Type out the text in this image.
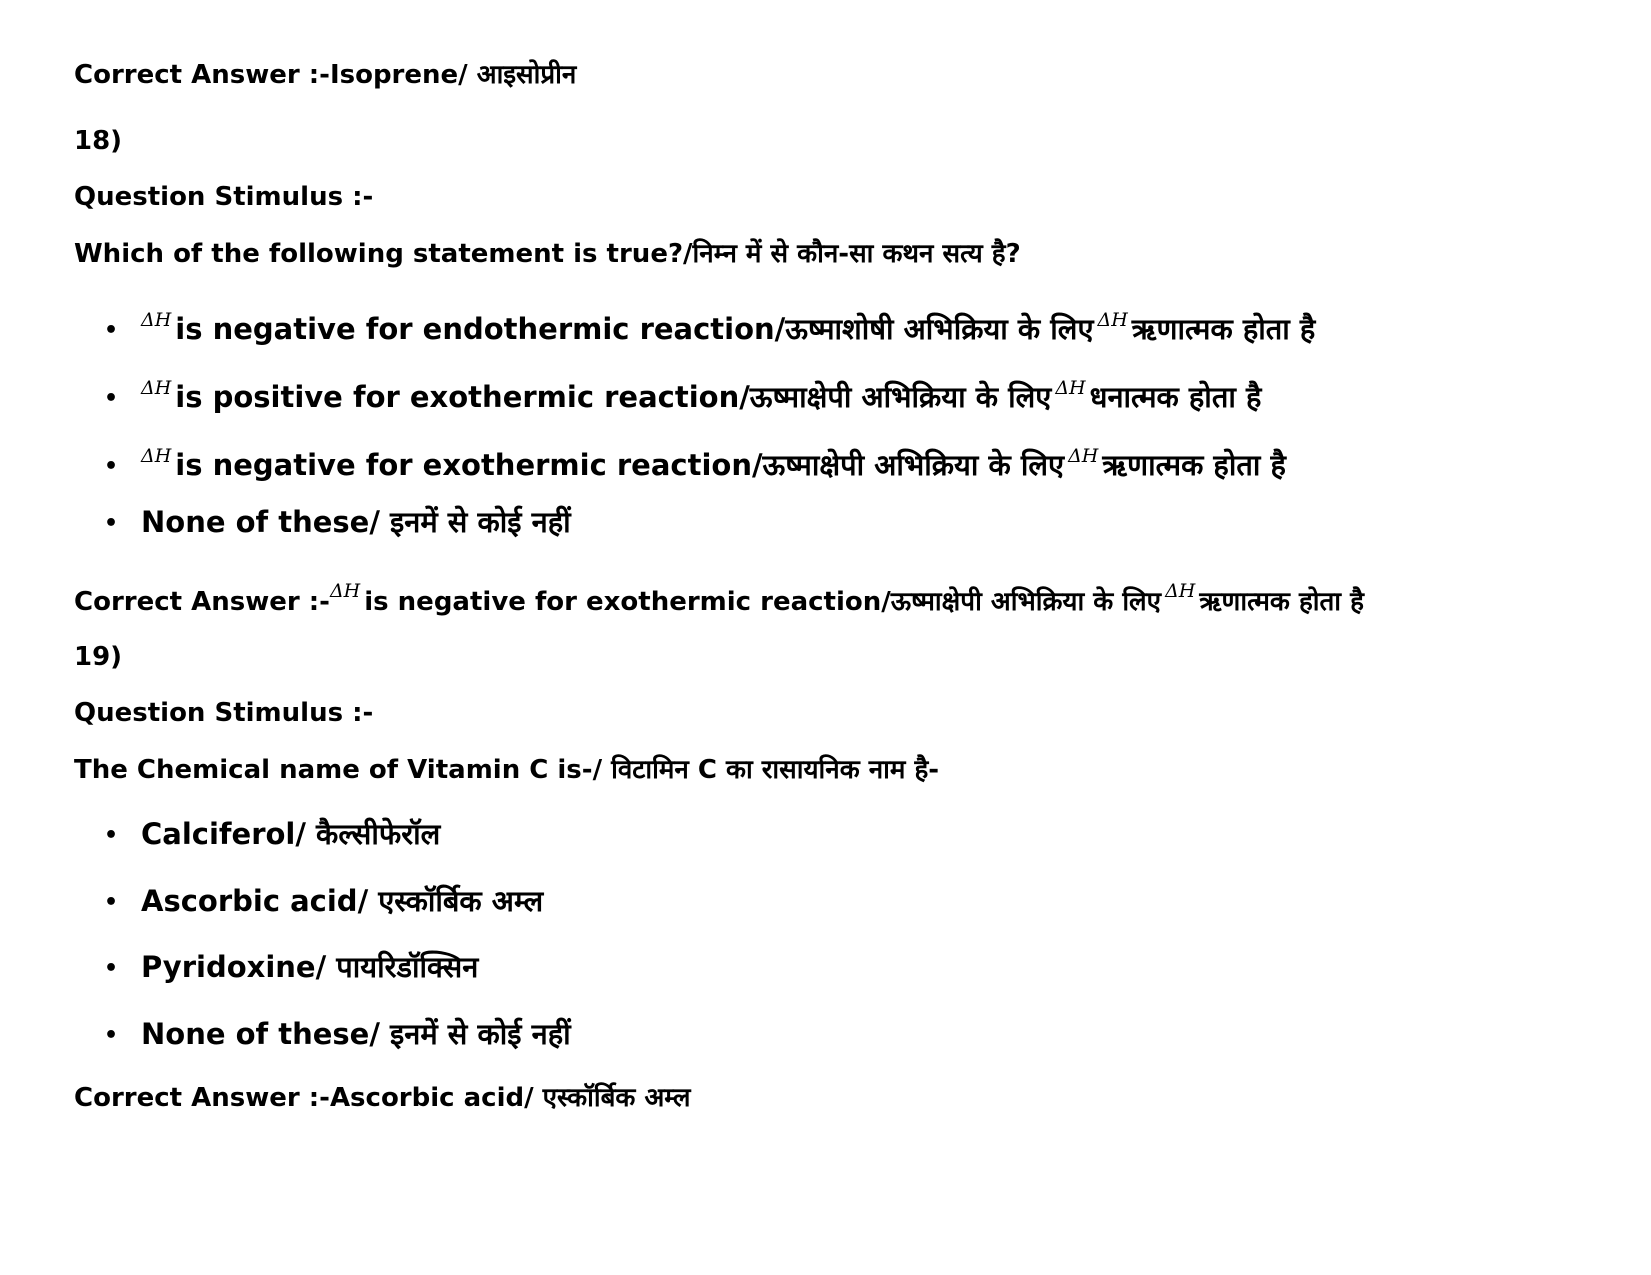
Correct Answer :-Isoprene/ आइसोप्रीन
18)
Question Stimulus :-
Which of the following statement is true?/निम्न में से कौन-सा कथन सत्य है?
• $^{\Delta H}$ is negative for endothermic reaction/ऊष्माशोषी अभिक्रिया के लिए $^{\Delta H}$ ऋणात्मक होता है
• $^{\Delta H}$ is positive for exothermic reaction/ऊष्माक्षेपी अभिक्रिया के लिए $^{\Delta H}$ धनात्मक होता है
• $^{\Delta H}$ is negative for exothermic reaction/ऊष्माक्षेपी अभिक्रिया के लिए $^{\Delta H}$ ऋणात्मक होता है
• None of these/ इनमें से कोई नहीं
Correct Answer :-$^{\Delta H}$ is negative for exothermic reaction/ऊष्माक्षेपी अभिक्रिया के लिए $^{\Delta H}$ ऋणात्मक होता है
19)
Question Stimulus :-
The Chemical name of Vitamin C is-/ विटामिन C का रासायनिक नाम है-
• Calciferol/ कैल्सीफेरॉल
• Ascorbic acid/ एस्कॉर्बिक अम्ल
• Pyridoxine/ पायरिडॉक्सिन
• None of these/ इनमें से कोई नहीं
Correct Answer :-Ascorbic acid/ एस्कॉर्बिक अम्ल
